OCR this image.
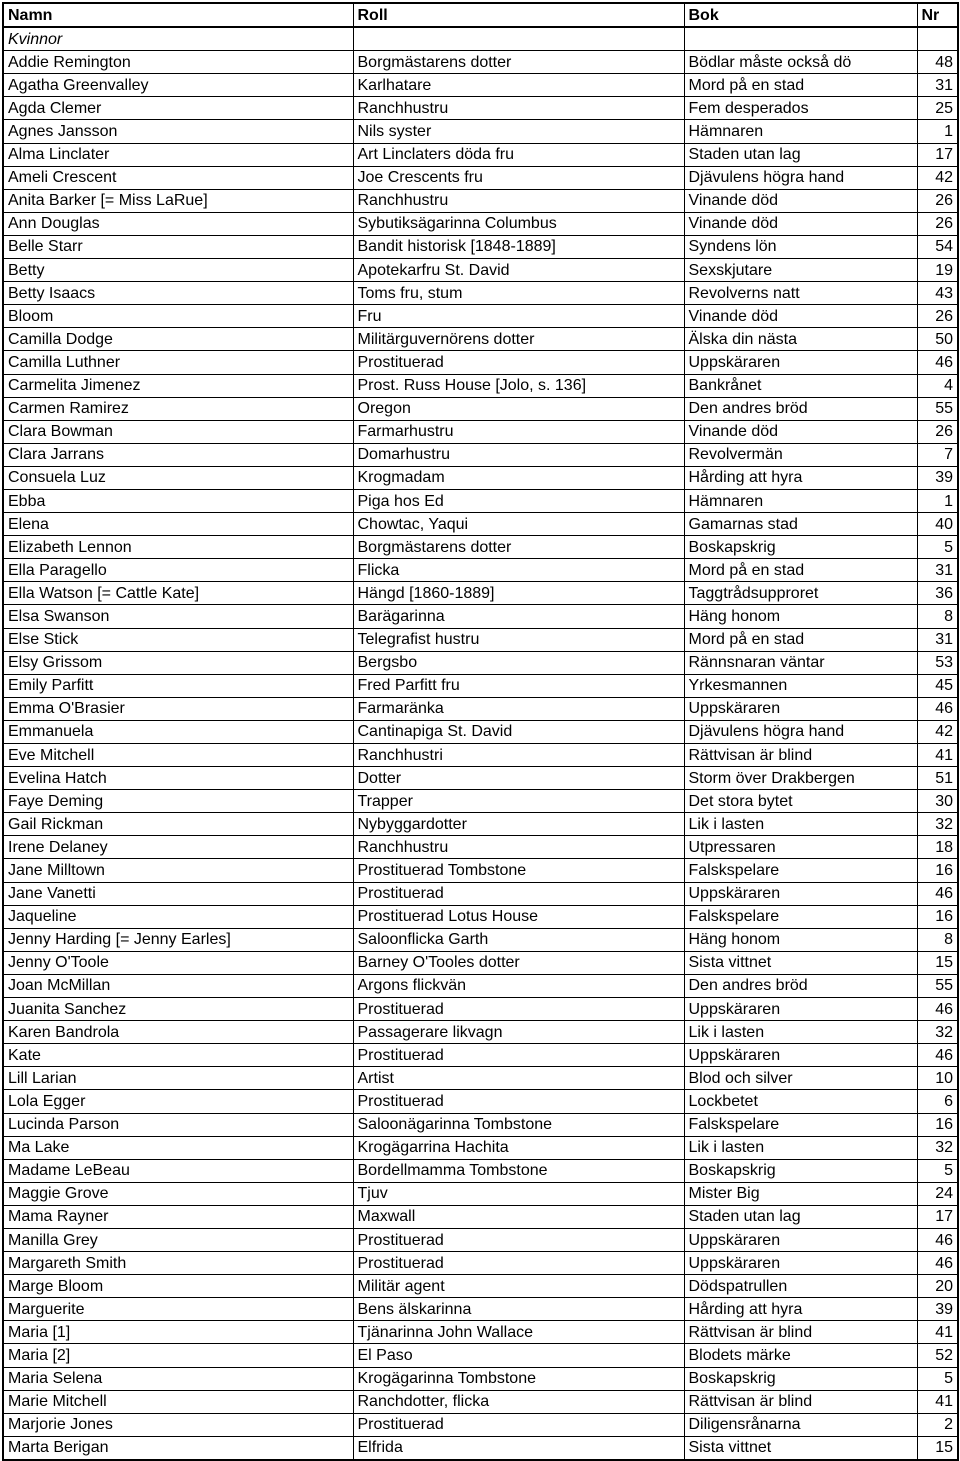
Namn	Roll	Bok	Nr
Kvinnor			
Addie Remington	Borgmästarens dotter	Bödlar måste också dö	48
Agatha Greenvalley	Karlhatare	Mord på en stad	31
Agda Clemer	Ranchhustru	Fem desperados	25
Agnes Jansson	Nils syster	Hämnaren	1
Alma Linclater	Art Linclaters döda fru	Staden utan lag	17
Ameli Crescent	Joe Crescents fru	Djävulens högra hand	42
Anita Barker [= Miss LaRue]	Ranchhustru	Vinande död	26
Ann Douglas	Sybutiksägarinna Columbus	Vinande död	26
Belle Starr	Bandit historisk [1848-1889]	Syndens lön	54
Betty	Apotekarfru St. David	Sexskjutare	19
Betty Isaacs	Toms fru, stum	Revolverns natt	43
Bloom	Fru	Vinande död	26
Camilla Dodge	Militärguvernörens dotter	Älska din nästa	50
Camilla Luthner	Prostituerad	Uppskäraren	46
Carmelita Jimenez	Prost. Russ House [Jolo, s. 136]	Bankrånet	4
Carmen Ramirez	Oregon	Den andres bröd	55
Clara Bowman	Farmarhustru	Vinande död	26
Clara Jarrans	Domarhustru	Revolvermän	7
Consuela Luz	Krogmadam	Hårding att hyra	39
Ebba	Piga hos Ed	Hämnaren	1
Elena	Chowtac, Yaqui	Gamarnas stad	40
Elizabeth Lennon	Borgmästarens dotter	Boskapskrig	5
Ella Paragello	Flicka	Mord på en stad	31
Ella Watson [= Cattle Kate]	Hängd [1860-1889]	Taggtrådsupproret	36
Elsa Swanson	Barägarinna	Häng honom	8
Else Stick	Telegrafist hustru	Mord på en stad	31
Elsy Grissom	Bergsbo	Rännsnaran väntar	53
Emily Parfitt	Fred Parfitt fru	Yrkesmannen	45
Emma O'Brasier	Farmaränka	Uppskäraren	46
Emmanuela	Cantinapiga St. David	Djävulens högra hand	42
Eve Mitchell	Ranchhustri	Rättvisan är blind	41
Evelina Hatch	Dotter	Storm över Drakbergen	51
Faye Deming	Trapper	Det stora bytet	30
Gail Rickman	Nybyggardotter	Lik i lasten	32
Irene Delaney	Ranchhustru	Utpressaren	18
Jane Milltown	Prostituerad Tombstone	Falskspelare	16
Jane Vanetti	Prostituerad	Uppskäraren	46
Jaqueline	Prostituerad Lotus House	Falskspelare	16
Jenny Harding [= Jenny Earles]	Saloonflicka Garth	Häng honom	8
Jenny O'Toole	Barney O'Tooles dotter	Sista vittnet	15
Joan McMillan	Argons flickvän	Den andres bröd	55
Juanita Sanchez	Prostituerad	Uppskäraren	46
Karen Bandrola	Passagerare likvagn	Lik i lasten	32
Kate	Prostituerad	Uppskäraren	46
Lill Larian	Artist	Blod och silver	10
Lola Egger	Prostituerad	Lockbetet	6
Lucinda Parson	Saloonägarinna Tombstone	Falskspelare	16
Ma Lake	Krogägarrina Hachita	Lik i lasten	32
Madame LeBeau	Bordellmamma Tombstone	Boskapskrig	5
Maggie Grove	Tjuv	Mister Big	24
Mama Rayner	Maxwall	Staden utan lag	17
Manilla Grey	Prostituerad	Uppskäraren	46
Margareth Smith	Prostituerad	Uppskäraren	46
Marge Bloom	Militär agent	Dödspatrullen	20
Marguerite	Bens älskarinna	Hårding att hyra	39
Maria [1]	Tjänarinna John Wallace	Rättvisan är blind	41
Maria [2]	El Paso	Blodets märke	52
Maria Selena	Krogägarinna Tombstone	Boskapskrig	5
Marie Mitchell	Ranchdotter, flicka	Rättvisan är blind	41
Marjorie Jones	Prostituerad	Diligensrånarna	2
Marta Berigan	Elfrida	Sista vittnet	15
